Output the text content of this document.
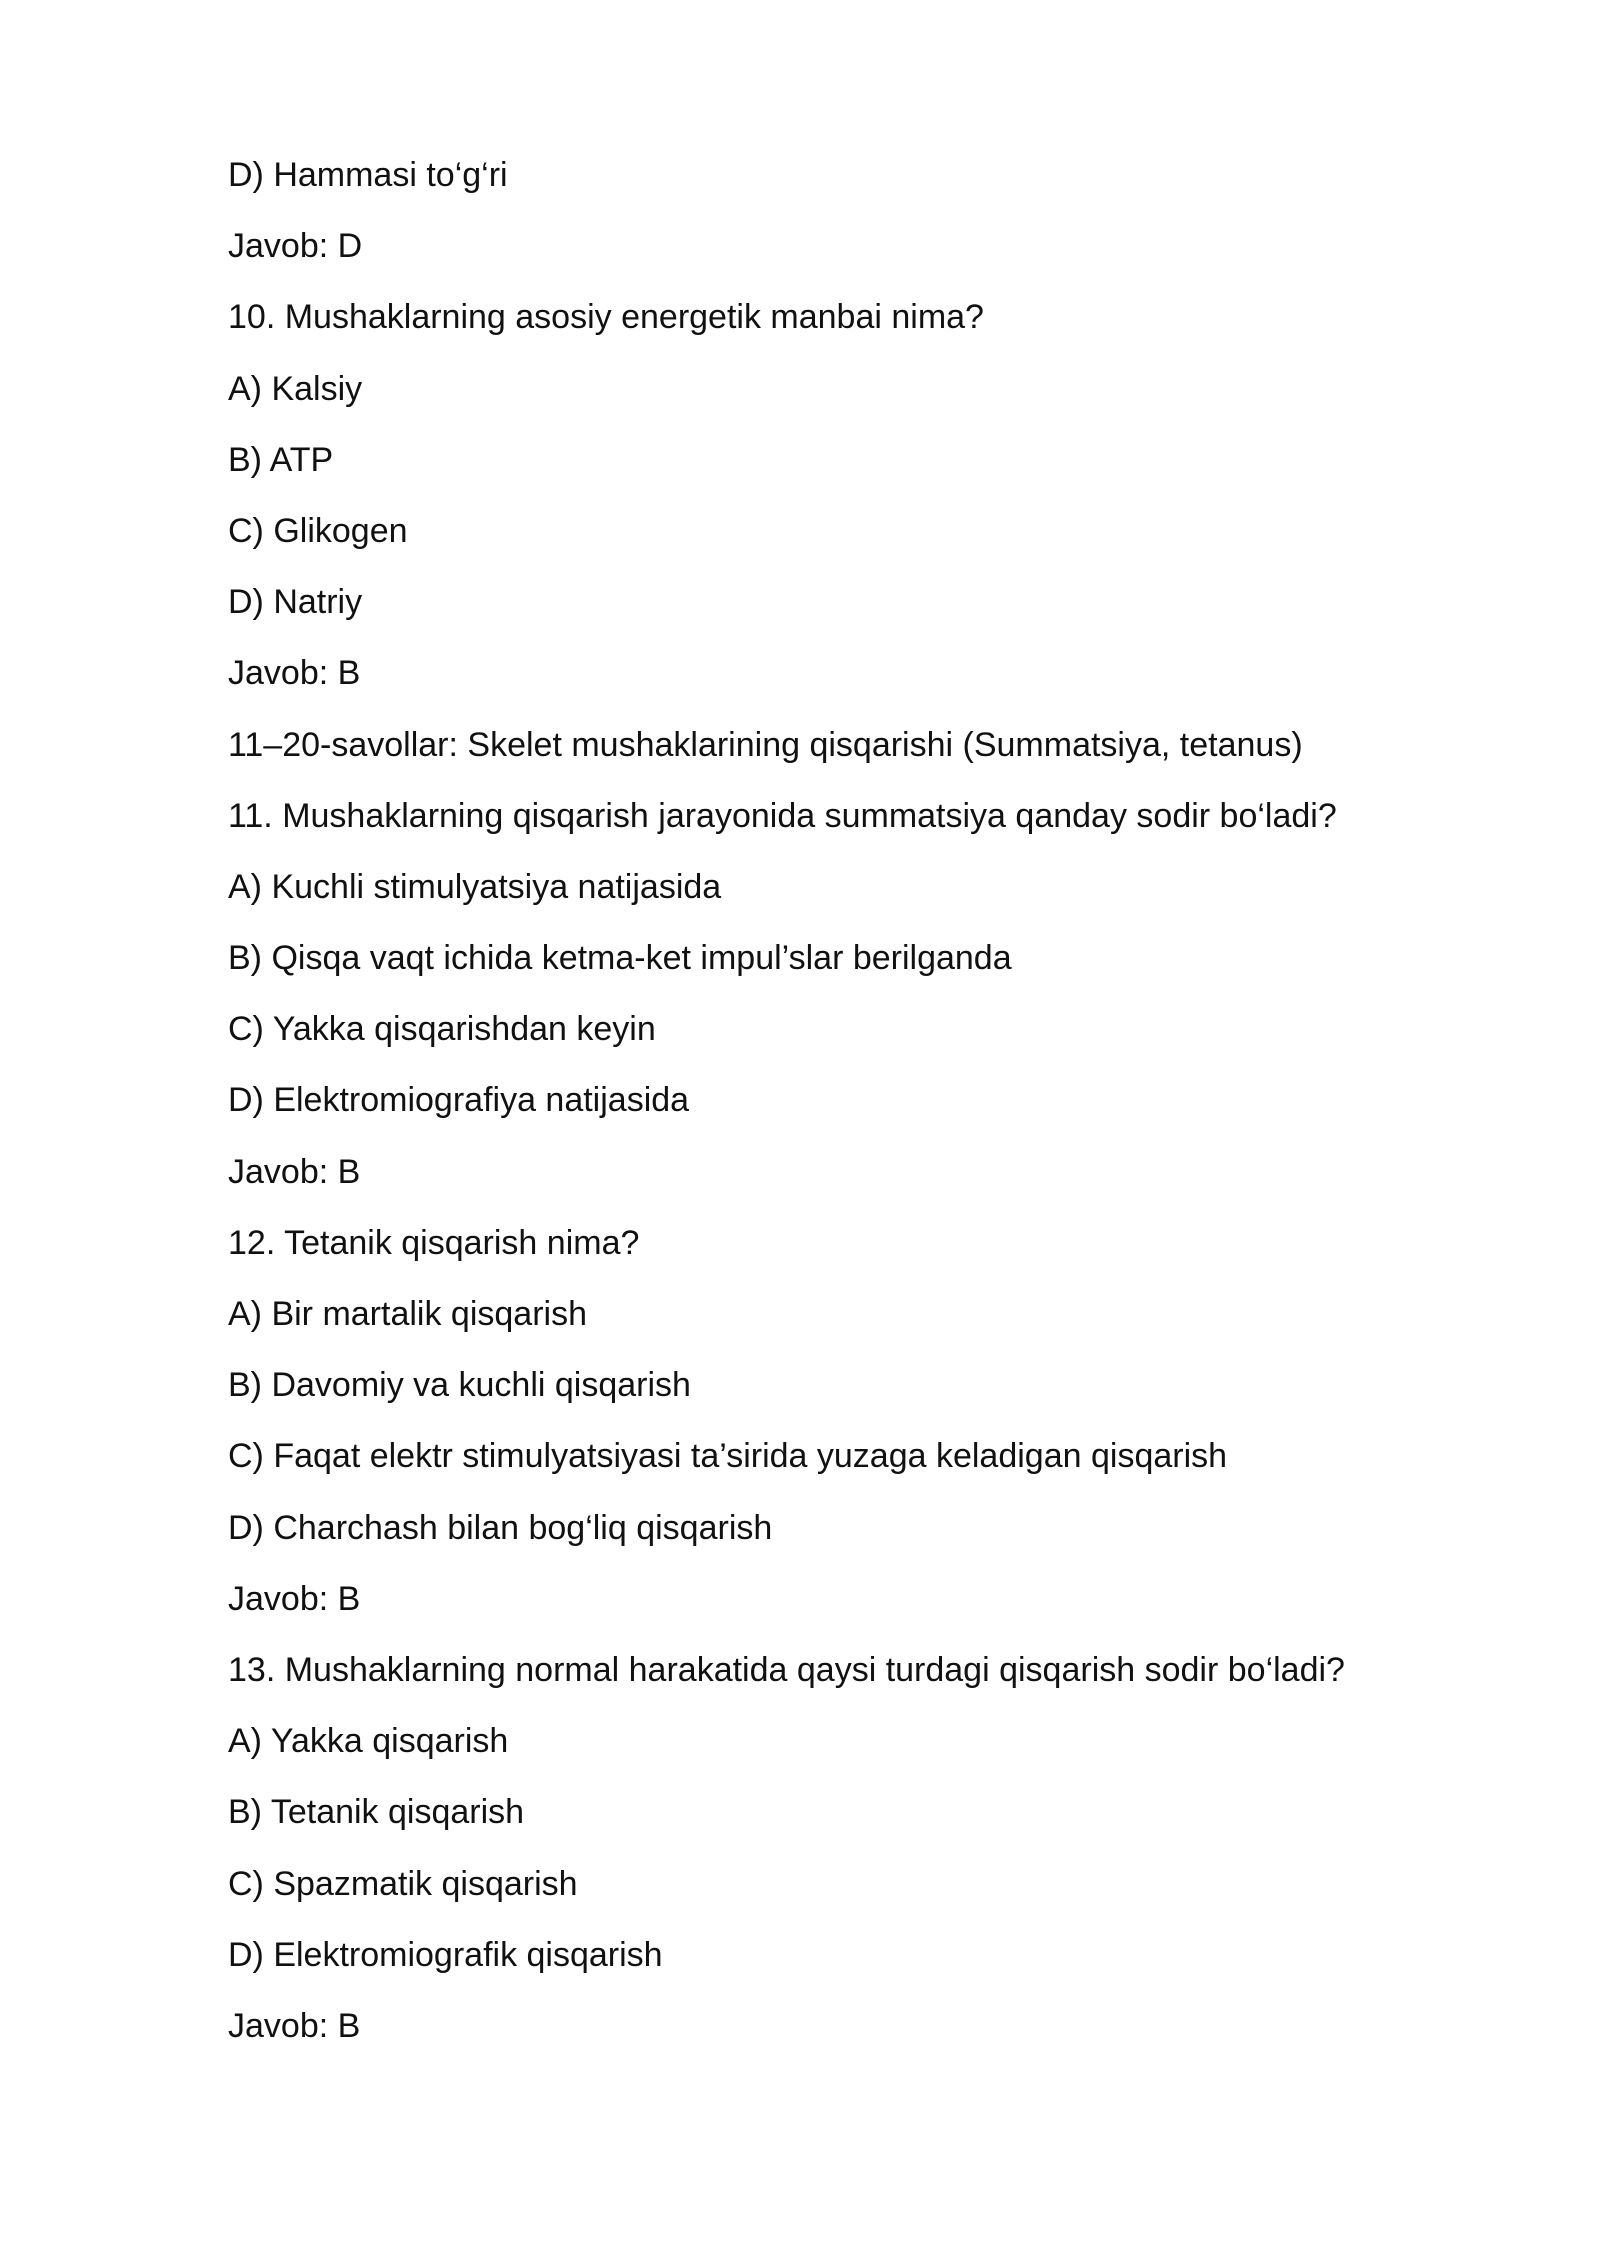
D) Hammasi to‘g‘ri
Javob: D
10. Mushaklarning asosiy energetik manbai nima?
A) Kalsiy
B) ATP
C) Glikogen
D) Natriy
Javob: B
11–20-savollar: Skelet mushaklarining qisqarishi (Summatsiya, tetanus)
11. Mushaklarning qisqarish jarayonida summatsiya qanday sodir bo‘ladi?
A) Kuchli stimulyatsiya natijasida
B) Qisqa vaqt ichida ketma-ket impul’slar berilganda
C) Yakka qisqarishdan keyin
D) Elektromiografiya natijasida
Javob: B
12. Tetanik qisqarish nima?
A) Bir martalik qisqarish
B) Davomiy va kuchli qisqarish
C) Faqat elektr stimulyatsiyasi ta’sirida yuzaga keladigan qisqarish
D) Charchash bilan bog‘liq qisqarish
Javob: B
13. Mushaklarning normal harakatida qaysi turdagi qisqarish sodir bo‘ladi?
A) Yakka qisqarish
B) Tetanik qisqarish
C) Spazmatik qisqarish
D) Elektromiografik qisqarish
Javob: B
